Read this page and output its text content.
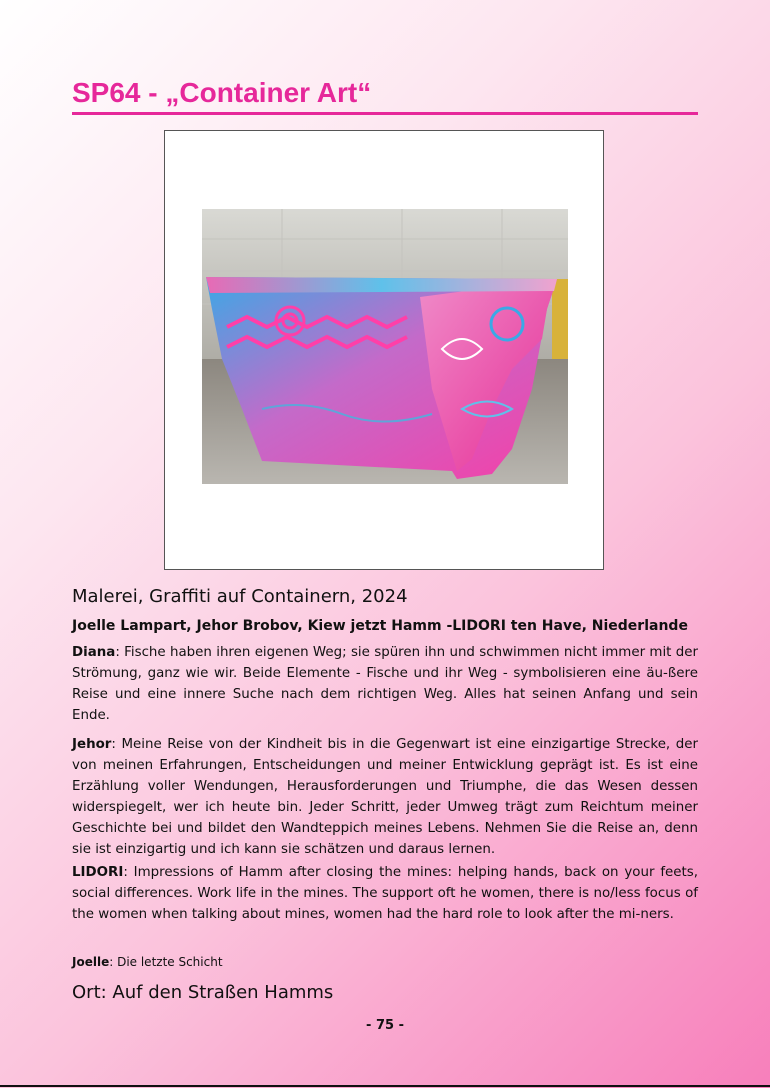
SP64 - „Container Art“
Malerei, Graffiti auf Containern, 2024
Joelle Lampart, Jehor Brobov, Kiew jetzt Hamm -LIDORI ten Have, Niederlande

Diana: Fische haben ihren eigenen Weg; sie spüren ihn und schwimmen nicht immer mit der Strömung, ganz wie wir. Beide Elemente - Fische und ihr Weg - symbolisieren eine äu-ßere Reise und eine innere Suche nach dem richtigen Weg. Alles hat seinen Anfang und sein Ende.

Jehor: Meine Reise von der Kindheit bis in die Gegenwart ist eine einzigartige Strecke, der von meinen Erfahrungen, Entscheidungen und meiner Entwicklung geprägt ist. Es ist eine Erzählung voller Wendungen, Herausforderungen und Triumphe, die das Wesen dessen widerspiegelt, wer ich heute bin. Jeder Schritt, jeder Umweg trägt zum Reichtum meiner Geschichte bei und bildet den Wandteppich meines Lebens. Nehmen Sie die Reise an, denn sie ist einzigartig und ich kann sie schätzen und daraus lernen.

LIDORI: Impressions of Hamm after closing the mines: helping hands, back on your feets, social differences. Work life in the mines. The support oft he women, there is no/less focus of the women when talking about mines, women had the hard role to look after the mi-ners.

Joelle: Die letzte Schicht
Ort: Auf den Straßen Hamms
- 75 -
